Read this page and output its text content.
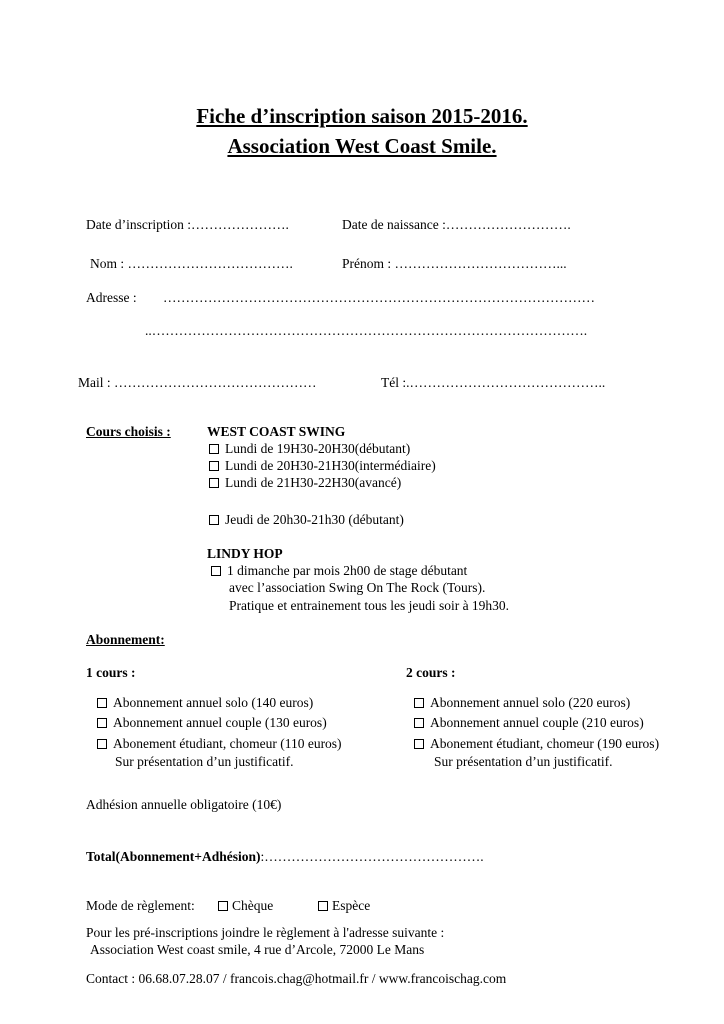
Fiche d’inscription saison 2015-2016.
Association West Coast Smile.
Date d’inscription :………………….	Date de naissance :……………………….
Nom : ……………………………….	Prénom : ………………………………...
Adresse : ……………………………………………………………………………………
..…………………………………………………………………………………….
Mail : ………………………………………	Tél :.……………………………………..
Cours choisis :	WEST COAST SWING
Lundi de 19H30-20H30(débutant)
Lundi de 20H30-21H30(intermédiaire)
Lundi de 21H30-22H30(avancé)
Jeudi de 20h30-21h30 (débutant)
LINDY HOP
1 dimanche par mois 2h00 de stage débutant
avec l’association Swing On The Rock (Tours).
Pratique et entrainement tous les jeudi soir à 19h30.
Abonnement:
1 cours :
Abonnement annuel solo (140 euros)
Abonnement annuel couple (130 euros)
Abonement étudiant, chomeur (110 euros)
Sur présentation d’un justificatif.
2 cours :
Abonnement annuel solo (220 euros)
Abonnement annuel couple (210 euros)
Abonement étudiant, chomeur (190 euros)
Sur présentation d’un justificatif.
Adhésion annuelle obligatoire (10€)
Total(Abonnement+Adhésion):………………………………………….
Mode de règlement:	Chèque	Espèce
Pour les pré-inscriptions joindre le règlement à l'adresse suivante :
Association West coast smile, 4 rue d’Arcole, 72000 Le Mans
Contact : 06.68.07.28.07 / francois.chag@hotmail.fr / www.francoischag.com
